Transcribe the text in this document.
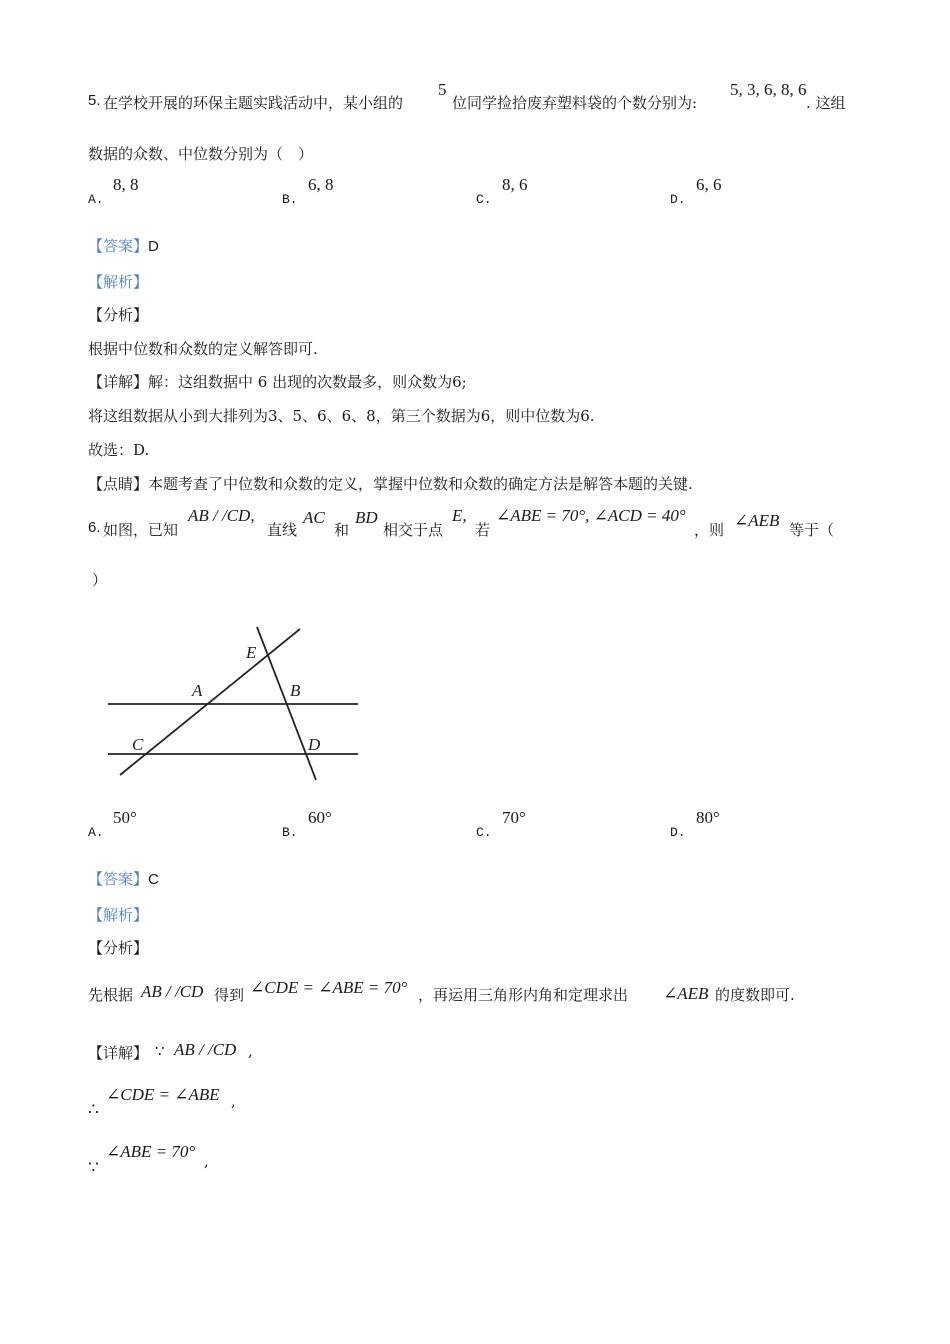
5. 在学校开展的环保主题实践活动中，某小组的
5
位同学捡拾废弃塑料袋的个数分别为:
5, 3, 6, 8, 6
. 这组
数据的众数、中位数分别为（　）
A.
8, 8
B.
6, 8
C.
8, 6
D.
6, 6
【答案】D
【解析】
【分析】
根据中位数和众数的定义解答即可.
【详解】解：这组数据中 6 出现的次数最多，则众数为6;
将这组数据从小到大排列为3、5、6、6、8，第三个数据为6，则中位数为6.
故选：D.
【点睛】本题考查了中位数和众数的定义，掌握中位数和众数的确定方法是解答本题的关键.
6. 如图，已知
AB / /CD,
直线
AC
和
BD
相交于点
E,
若
∠ABE = 70°, ∠ACD = 40°
，则 ∠AEB 等于（
）
E
A	B
C	D
A.
50°
B.
60°
C.
70°
D.
80°
【答案】C
【解析】
【分析】
先根据 AB / /CD 得到 ∠CDE = ∠ABE = 70° ，再运用三角形内角和定理求出 ∠AEB 的度数即可.
【详解】 ∵ AB / /CD ,
∴
∠CDE = ∠ABE ,
∵
∠ABE = 70° ,
